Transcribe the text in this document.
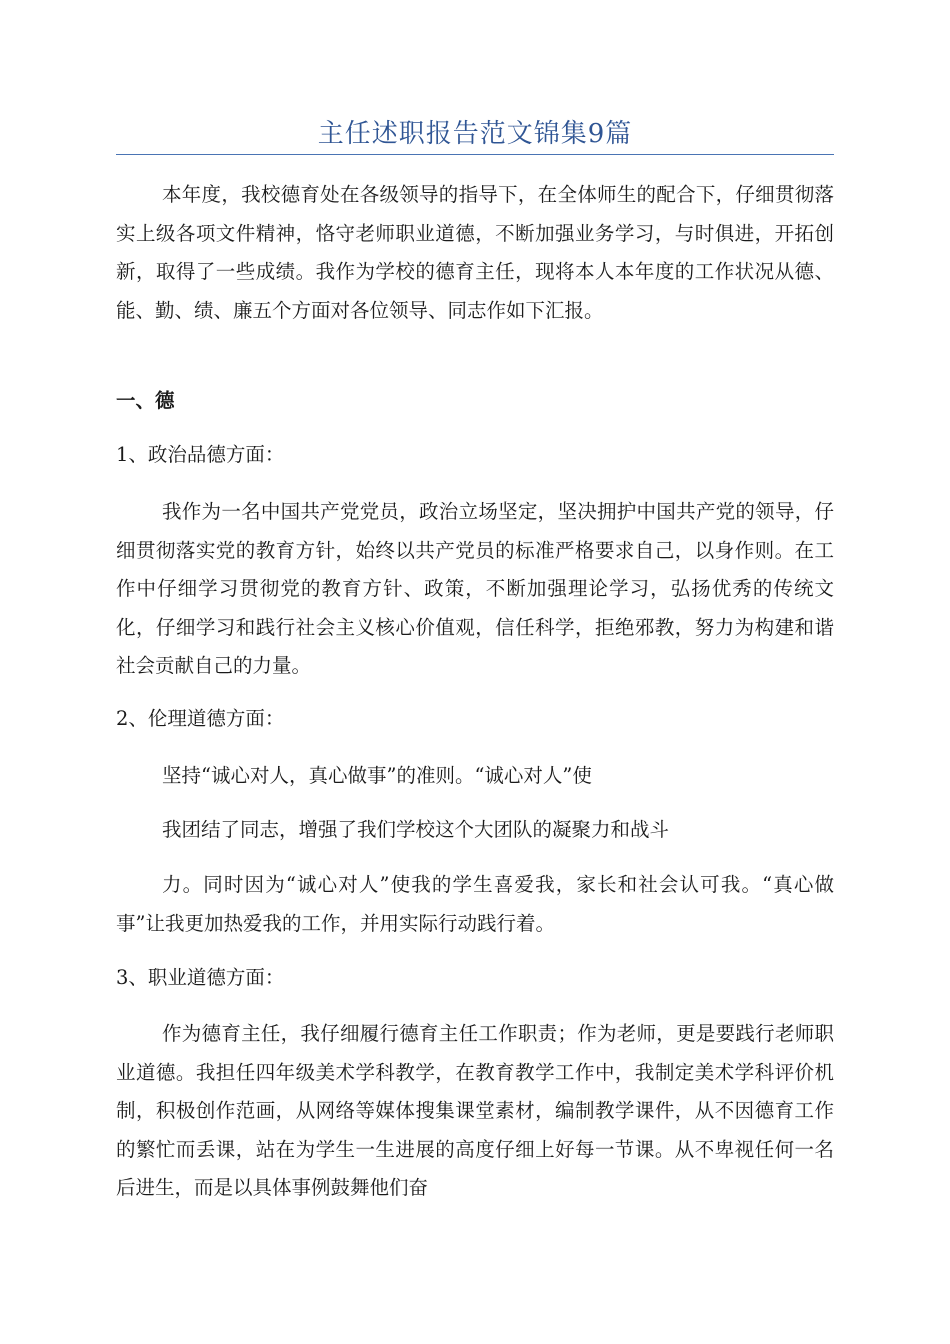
主任述职报告范文锦集9篇

本年度，我校德育处在各级领导的指导下，在全体师生的配合下，仔细贯彻落实上级各项文件精神，恪守老师职业道德，不断加强业务学习，与时俱进，开拓创新，取得了一些成绩。我作为学校的德育主任，现将本人本年度的工作状况从德、能、勤、绩、廉五个方面对各位领导、同志作如下汇报。

一、德

1、政治品德方面：

我作为一名中国共产党党员，政治立场坚定，坚决拥护中国共产党的领导，仔细贯彻落实党的教育方针，始终以共产党员的标准严格要求自己，以身作则。在工作中仔细学习贯彻党的教育方针、政策，不断加强理论学习，弘扬优秀的传统文化，仔细学习和践行社会主义核心价值观，信任科学，拒绝邪教，努力为构建和谐社会贡献自己的力量。

2、伦理道德方面：

坚持“诚心对人，真心做事”的准则。“诚心对人”使

我团结了同志，增强了我们学校这个大团队的凝聚力和战斗

力。同时因为“诚心对人”使我的学生喜爱我，家长和社会认可我。“真心做事”让我更加热爱我的工作，并用实际行动践行着。

3、职业道德方面：

作为德育主任，我仔细履行德育主任工作职责；作为老师，更是要践行老师职业道德。我担任四年级美术学科教学，在教育教学工作中，我制定美术学科评价机制，积极创作范画，从网络等媒体搜集课堂素材，编制教学课件，从不因德育工作的繁忙而丢课，站在为学生一生进展的高度仔细上好每一节课。从不卑视任何一名后进生，而是以具体事例鼓舞他们奋
